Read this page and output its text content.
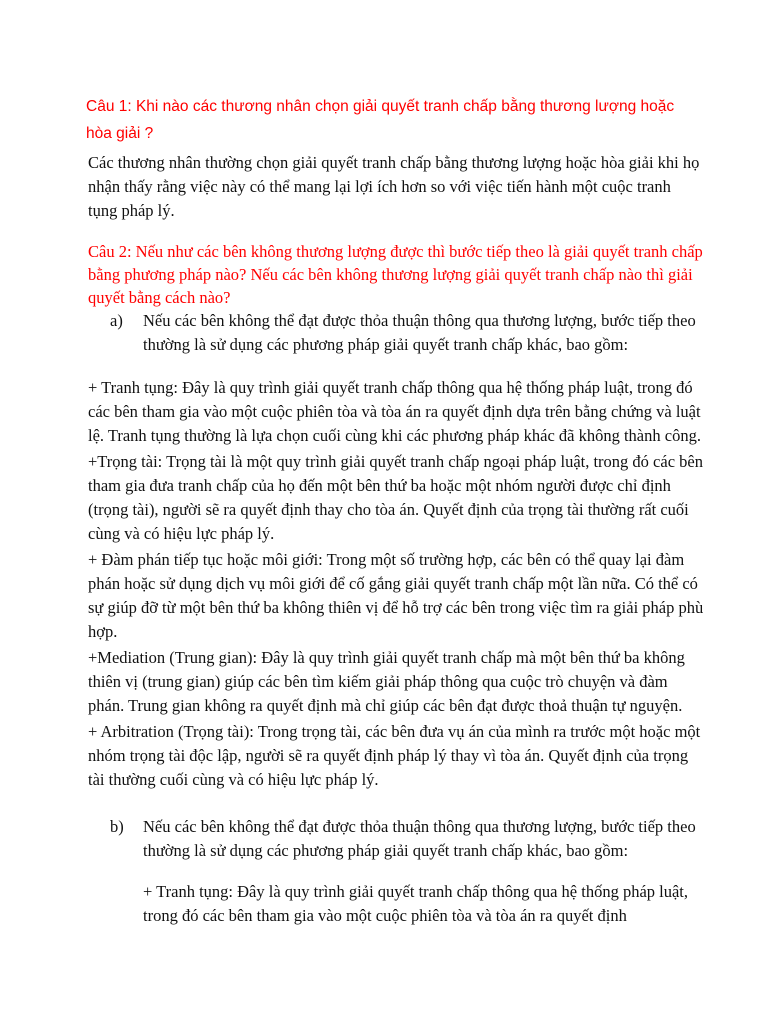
Câu 1: Khi nào các thương nhân chọn giải quyết tranh chấp bằng thương lượng hoặc hòa giải ?

Các thương nhân thường chọn giải quyết tranh chấp bằng thương lượng hoặc hòa giải khi họ nhận thấy rằng việc này có thể mang lại lợi ích hơn so với việc tiến hành một cuộc tranh tụng pháp lý.

Câu 2: Nếu như các bên không thương lượng được thì bước tiếp theo là giải quyết tranh chấp bằng phương pháp nào? Nếu các bên không thương lượng giải quyết tranh chấp nào thì giải quyết bằng cách nào?

a)	Nếu các bên không thể đạt được thỏa thuận thông qua thương lượng, bước tiếp theo thường là sử dụng các phương pháp giải quyết tranh chấp khác, bao gồm:

+ Tranh tụng: Đây là quy trình giải quyết tranh chấp thông qua hệ thống pháp luật, trong đó các bên tham gia vào một cuộc phiên tòa và tòa án ra quyết định dựa trên bằng chứng và luật lệ. Tranh tụng thường là lựa chọn cuối cùng khi các phương pháp khác đã không thành công.

+Trọng tài: Trọng tài là một quy trình giải quyết tranh chấp ngoại pháp luật, trong đó các bên tham gia đưa tranh chấp của họ đến một bên thứ ba hoặc một nhóm người được chỉ định (trọng tài), người sẽ ra quyết định thay cho tòa án. Quyết định của trọng tài thường rất cuối cùng và có hiệu lực pháp lý.

+ Đàm phán tiếp tục hoặc môi giới: Trong một số trường hợp, các bên có thể quay lại đàm phán hoặc sử dụng dịch vụ môi giới để cố gắng giải quyết tranh chấp một lần nữa. Có thể có sự giúp đỡ từ một bên thứ ba không thiên vị để hỗ trợ các bên trong việc tìm ra giải pháp phù hợp.

+Mediation (Trung gian): Đây là quy trình giải quyết tranh chấp mà một bên thứ ba không thiên vị (trung gian) giúp các bên tìm kiếm giải pháp thông qua cuộc trò chuyện và đàm phán. Trung gian không ra quyết định mà chỉ giúp các bên đạt được thoả thuận tự nguyện.

+ Arbitration (Trọng tài): Trong trọng tài, các bên đưa vụ án của mình ra trước một hoặc một nhóm trọng tài độc lập, người sẽ ra quyết định pháp lý thay vì tòa án. Quyết định của trọng tài thường cuối cùng và có hiệu lực pháp lý.

b)	Nếu các bên không thể đạt được thỏa thuận thông qua thương lượng, bước tiếp theo thường là sử dụng các phương pháp giải quyết tranh chấp khác, bao gồm:

+ Tranh tụng: Đây là quy trình giải quyết tranh chấp thông qua hệ thống pháp luật, trong đó các bên tham gia vào một cuộc phiên tòa và tòa án ra quyết định
